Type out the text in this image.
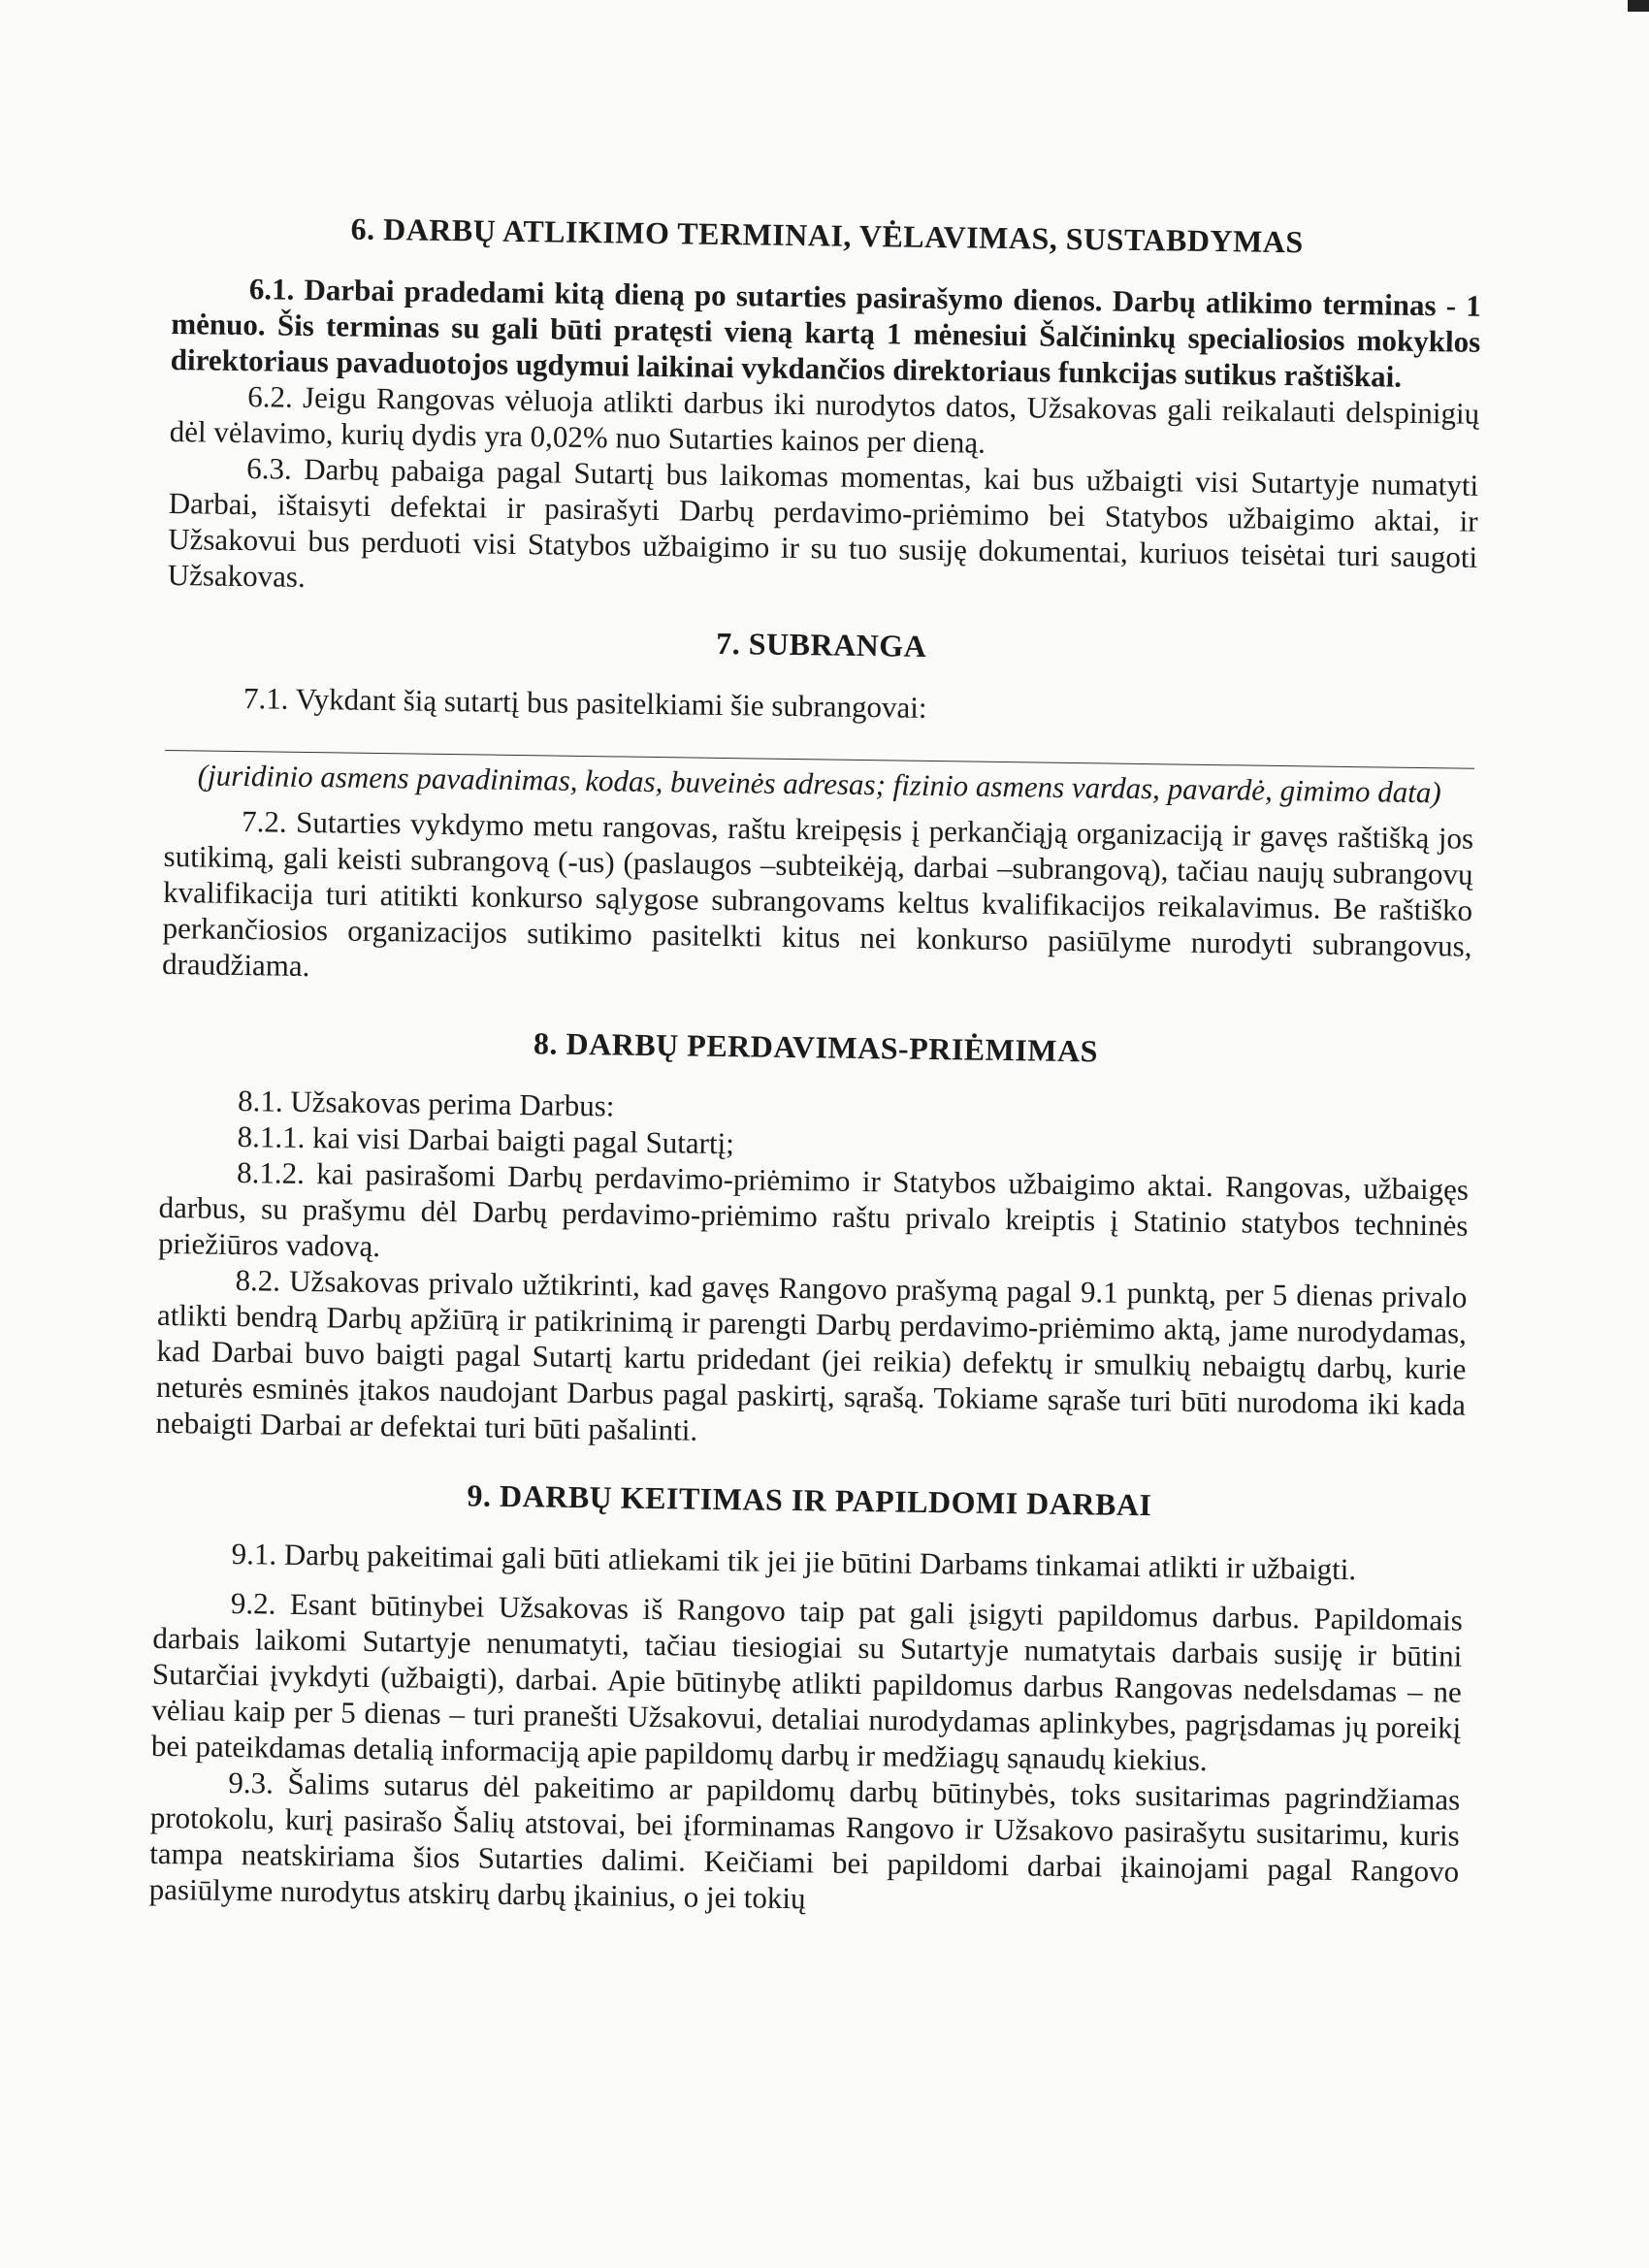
6. DARBŲ ATLIKIMO TERMINAI, VĖLAVIMAS, SUSTABDYMAS

6.1. Darbai pradedami kitą dieną po sutarties pasirašymo dienos. Darbų atlikimo terminas - 1 mėnuo. Šis terminas su gali būti pratęsti vieną kartą 1 mėnesiui Šalčininkų specialiosios mokyklos direktoriaus pavaduotojos ugdymui laikinai vykdančios direktoriaus funkcijas sutikus raštiškai.

6.2. Jeigu Rangovas vėluoja atlikti darbus iki nurodytos datos, Užsakovas gali reikalauti delspinigių dėl vėlavimo, kurių dydis yra 0,02% nuo Sutarties kainos per dieną.

6.3. Darbų pabaiga pagal Sutartį bus laikomas momentas, kai bus užbaigti visi Sutartyje numatyti Darbai, ištaisyti defektai ir pasirašyti Darbų perdavimo-priėmimo bei Statybos užbaigimo aktai, ir Užsakovui bus perduoti visi Statybos užbaigimo ir su tuo susiję dokumentai, kuriuos teisėtai turi saugoti Užsakovas.

7. SUBRANGA

7.1. Vykdant šią sutartį bus pasitelkiami šie subrangovai:

(juridinio asmens pavadinimas, kodas, buveinės adresas; fizinio asmens vardas, pavardė, gimimo data)

7.2. Sutarties vykdymo metu rangovas, raštu kreipęsis į perkančiąją organizaciją ir gavęs raštišką jos sutikimą, gali keisti subrangovą (-us) (paslaugos –subteikėją, darbai –subrangovą), tačiau naujų subrangovų kvalifikacija turi atitikti konkurso sąlygose subrangovams keltus kvalifikacijos reikalavimus. Be raštiško perkančiosios organizacijos sutikimo pasitelkti kitus nei konkurso pasiūlyme nurodyti subrangovus, draudžiama.

8. DARBŲ PERDAVIMAS-PRIĖMIMAS

8.1. Užsakovas perima Darbus:

8.1.1. kai visi Darbai baigti pagal Sutartį;

8.1.2. kai pasirašomi Darbų perdavimo-priėmimo ir Statybos užbaigimo aktai. Rangovas, užbaigęs darbus, su prašymu dėl Darbų perdavimo-priėmimo raštu privalo kreiptis į Statinio statybos techninės priežiūros vadovą.

8.2. Užsakovas privalo užtikrinti, kad gavęs Rangovo prašymą pagal 9.1 punktą, per 5 dienas privalo atlikti bendrą Darbų apžiūrą ir patikrinimą ir parengti Darbų perdavimo-priėmimo aktą, jame nurodydamas, kad Darbai buvo baigti pagal Sutartį kartu pridedant (jei reikia) defektų ir smulkių nebaigtų darbų, kurie neturės esminės įtakos naudojant Darbus pagal paskirtį, sąrašą. Tokiame sąraše turi būti nurodoma iki kada nebaigti Darbai ar defektai turi būti pašalinti.

9. DARBŲ KEITIMAS IR PAPILDOMI DARBAI

9.1. Darbų pakeitimai gali būti atliekami tik jei jie būtini Darbams tinkamai atlikti ir užbaigti.

9.2. Esant būtinybei Užsakovas iš Rangovo taip pat gali įsigyti papildomus darbus. Papildomais darbais laikomi Sutartyje nenumatyti, tačiau tiesiogiai su Sutartyje numatytais darbais susiję ir būtini Sutarčiai įvykdyti (užbaigti), darbai. Apie būtinybę atlikti papildomus darbus Rangovas nedelsdamas – ne vėliau kaip per 5 dienas – turi pranešti Užsakovui, detaliai nurodydamas aplinkybes, pagrįsdamas jų poreikį bei pateikdamas detalią informaciją apie papildomų darbų ir medžiagų sąnaudų kiekius.

9.3. Šalims sutarus dėl pakeitimo ar papildomų darbų būtinybės, toks susitarimas pagrindžiamas protokolu, kurį pasirašo Šalių atstovai, bei įforminamas Rangovo ir Užsakovo pasirašytu susitarimu, kuris tampa neatskiriama šios Sutarties dalimi. Keičiami bei papildomi darbai įkainojami pagal Rangovo pasiūlyme nurodytus atskirų darbų įkainius, o jei tokių
